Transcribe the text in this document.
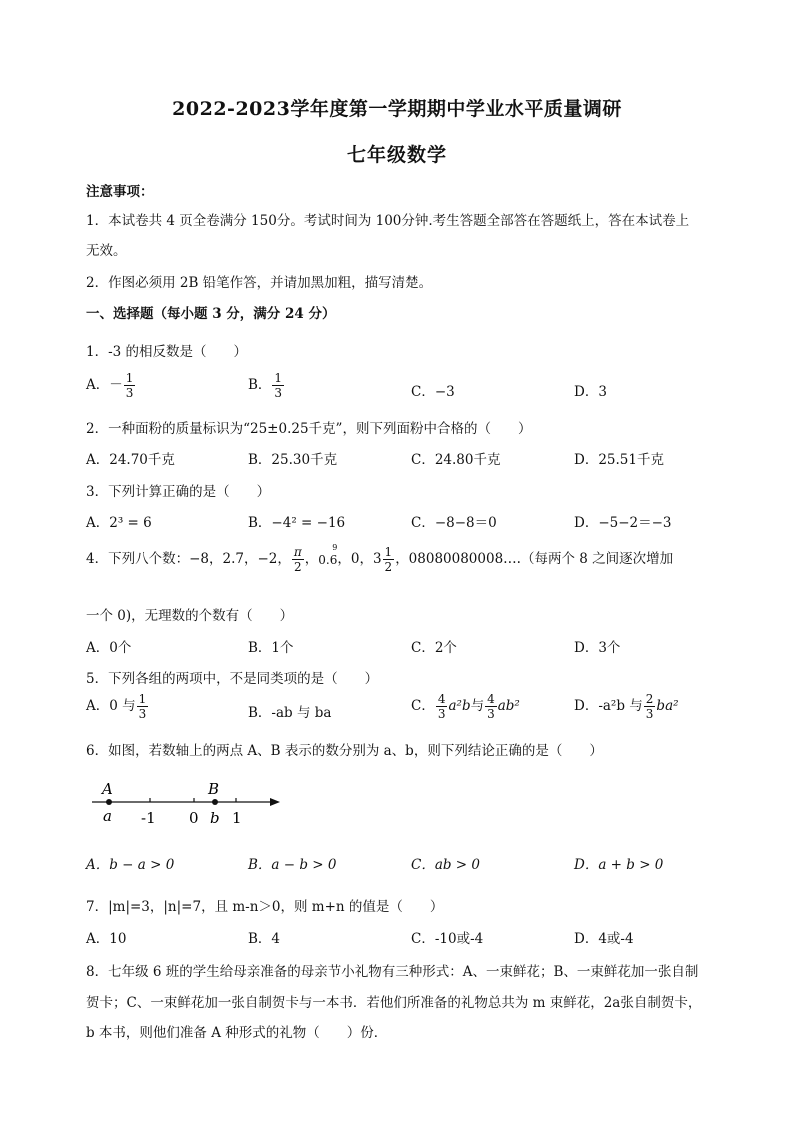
2022-2023学年度第一学期期中学业水平质量调研
七年级数学
注意事项：
1．本试卷共 4 页全卷满分 150分。考试时间为 100分钟.考生答题全部答在答题纸上，答在本试卷上
无效。
2．作图必须用 2B 铅笔作答，并请加黑加粗，描写清楚。
一、选择题（每小题 3 分，满分 24 分）
1．-3 的相反数是（　　）
A．－ $\frac{1}{3}$	B． $\frac{1}{3}$	C．−3	D．3
2．一种面粉的质量标识为“25±0.25千克”，则下列面粉中合格的（　　）
A．24.70千克	B．25.30千克	C．24.80千克	D．25.51千克
3．下列计算正确的是（　　）
A．2³ = 6	B．−4² = −16	C．−8−8＝0	D．−5−2＝−3
4．下列八个数：−8，2.7，−2， $\frac{\pi}{2}$ ，
9
0.6，0，$3 \frac{1}{2}$ ，08080080008….（每两个 8 之间逐次增加
一个 0)，无理数的个数有（　　）
A．0个	B．1个	C．2个	D．3个
5．下列各组的两项中，不是同类项的是（　　）
A．0 与 $\frac{1}{3}$	B．-ab 与 ba	C． $\frac{4}{3} a^2b$与 $\frac{4}{3} ab^2$	D．-a²b 与 $\frac{2}{3} ba^2$
6．如图，若数轴上的两点 A、B 表示的数分别为 a、b，则下列结论正确的是（　　）
A	B
a	b
-1 0 1
A．b − a > 0	B．a − b > 0	C．ab > 0	D．a + b > 0
7．|m|=3，|n|=7，且 m-n＞0，则 m+n 的值是（　　）
A．10	B．4	C．-10或-4	D．4或-4
8．七年级 6 班的学生给母亲准备的母亲节小礼物有三种形式：A、一束鲜花；B、一束鲜花加一张自制
贺卡；C、一束鲜花加一张自制贺卡与一本书．若他们所准备的礼物总共为 m 束鲜花，2a张自制贺卡，
b 本书，则他们准备 A 种形式的礼物（　　）份．
